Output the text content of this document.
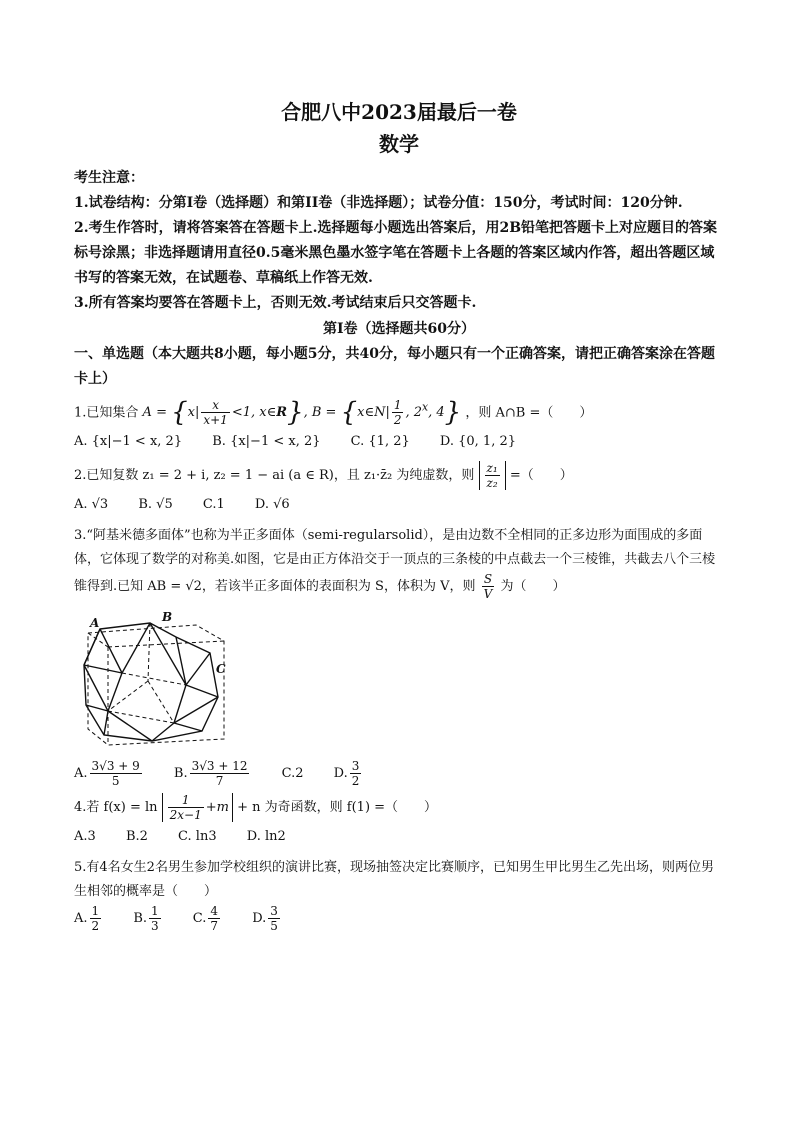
合肥八中2023届最后一卷
数学
考生注意：
1.试卷结构：分第Ⅰ卷（选择题）和第ⅠⅠ卷（非选择题）；试卷分值：150分，考试时间：120分钟.
2.考生作答时，请将答案答在答题卡上.选择题每小题选出答案后，用2B铅笔把答题卡上对应题目的答案标号涂黑；非选择题请用直径0.5毫米黑色墨水签字笔在答题卡上各题的答案区域内作答，超出答题区域书写的答案无效，在试题卷、草稿纸上作答无效.
3.所有答案均要答在答题卡上，否则无效.考试结束后只交答题卡.
第Ⅰ卷（选择题共60分）
一、单选题（本大题共8小题，每小题5分，共40分，每小题只有一个正确答案，请把正确答案涂在答题卡上）
1.已知集合 $A = \{x| \frac{x}{x+1} <1$, x∈R}, B = {x∈N| $\frac{1}{2}$ , 2$^x$, 4} ，则 A∩B =（　　）
A. {x|−1 < x, 2} B. {x|−1 < x, 2} C. {1, 2} D. {0, 1, 2}
2.已知复数 z₁ = 2 + i, z₂ = 1 − ai (a ∈ R)，且 z₁·z̄₂ 为纯虚数，则 $\frac{\text{z₁}}{\text{z₂}}$ =（　　）
A. √3 B. √5 C.1 D. √6
3.“阿基米德多面体”也称为半正多面体（semi-regularsolid），是由边数不全相同的正多边形为面围成的多面体，它体现了数学的对称美.如图，它是由正方体沿交于一顶点的三条棱的中点截去一个三棱锥，共截去八个三棱锥得到.已知 AB = √2，若该半正多面体的表面积为 S，体积为 V，则 $\frac{S}{V}$ 为（　　）
A	B
C
A. $\frac{3√3 + 9}{5} B$. $\frac{3√3 + 12}{7} C.2$ D. $\frac{3}{2}$
4.若 $f(x) = \ln \frac{1}{2x-1} +m + n$ 为奇函数，则 f(1) =（　　）
A.3 B.2 C. ln3 D. ln2
5.有4名女生2名男生参加学校组织的演讲比赛，现场抽签决定比赛顺序，已知男生甲比男生乙先出场，则两位男生相邻的概率是（　　）
A. $\frac{1}{2} B$. $\frac{1}{3} C$. $\frac{4}{7} D$. $\frac{3}{5}$
